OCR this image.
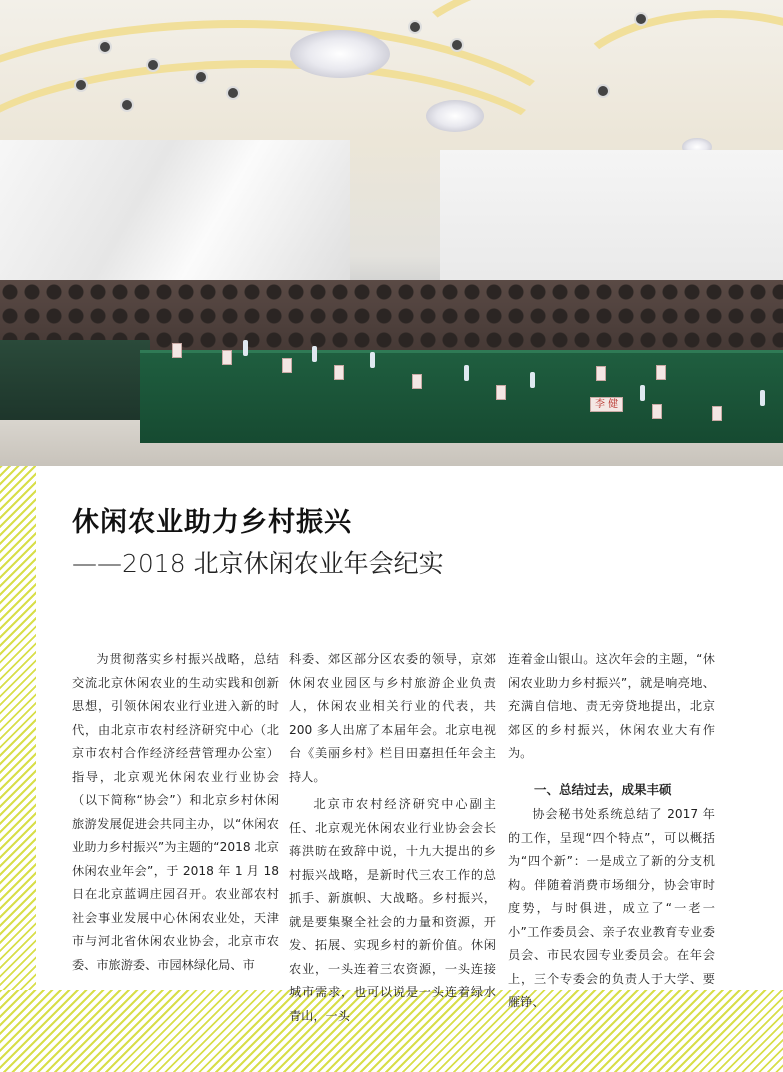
李 健
休闲农业助力乡村振兴
——2018 北京休闲农业年会纪实

为贯彻落实乡村振兴战略，总结交流北京休闲农业的生动实践和创新思想，引领休闲农业行业进入新的时代，由北京市农村经济研究中心（北京市农村合作经济经营管理办公室）指导，北京观光休闲农业行业协会（以下简称“协会”）和北京乡村休闲旅游发展促进会共同主办，以“休闲农业助力乡村振兴”为主题的“2018 北京休闲农业年会”，于 2018 年 1 月 18 日在北京蓝调庄园召开。农业部农村社会事业发展中心休闲农业处，天津市与河北省休闲农业协会，北京市农委、市旅游委、市园林绿化局、市

科委、郊区部分区农委的领导，京郊休闲农业园区与乡村旅游企业负责人，休闲农业相关行业的代表，共 200 多人出席了本届年会。北京电视台《美丽乡村》栏目田嘉担任年会主持人。

北京市农村经济研究中心副主任、北京观光休闲农业行业协会会长蒋洪昉在致辞中说，十九大提出的乡村振兴战略，是新时代三农工作的总抓手、新旗帜、大战略。乡村振兴，就是要集聚全社会的力量和资源，开发、拓展、实现乡村的新价值。休闲农业，一头连着三农资源，一头连接城市需求，也可以说是一头连着绿水青山，一头

连着金山银山。这次年会的主题，“休闲农业助力乡村振兴”，就是响亮地、充满自信地、责无旁贷地提出，北京郊区的乡村振兴，休闲农业大有作为。

一、总结过去，成果丰硕

协会秘书处系统总结了 2017 年的工作，呈现“四个特点”，可以概括为“四个新”：一是成立了新的分支机构。伴随着消费市场细分，协会审时度势，与时俱进，成立了“一老一小”工作委员会、亲子农业教育专业委员会、市民农园专业委员会。在年会上，三个专委会的负责人于大学、要雁铮、
